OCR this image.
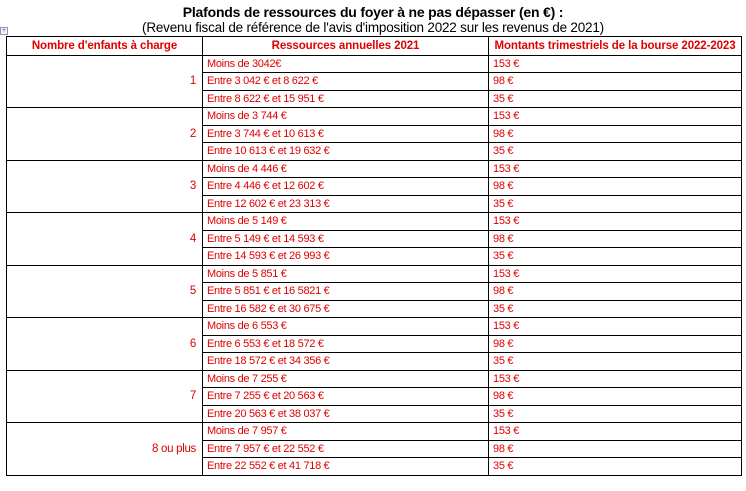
Plafonds de ressources du foyer à ne pas dépasser (en €) :
(Revenu fiscal de référence de l'avis d'imposition 2022 sur les revenus de 2021)
+
Nombre d'enfants à charge	Ressources annuelles 2021	Montants trimestriels de la bourse 2022-2023
1	Moins de 3042€	153 €
	Entre 3 042 € et 8 622 €	98 €
	Entre 8 622 € et 15 951 €	35 €
2	Moins de 3 744 €	153 €
	Entre 3 744 € et 10 613 €	98 €
	Entre 10 613 € et 19 632 €	35 €
3	Moins de 4 446 €	153 €
	Entre 4 446 € et 12 602 €	98 €
	Entre 12 602 € et 23 313 €	35 €
4	Moins de 5 149 €	153 €
	Entre 5 149 € et 14 593 €	98 €
	Entre 14 593 € et 26 993 €	35 €
5	Moins de 5 851 €	153 €
	Entre 5 851 € et 16 5821 €	98 €
	Entre 16 582 € et 30 675 €	35 €
6	Moins de 6 553 €	153 €
	Entre 6 553 € et 18 572 €	98 €
	Entre 18 572 € et 34 356 €	35 €
7	Moins de 7 255 €	153 €
	Entre 7 255 € et 20 563 €	98 €
	Entre 20 563 € et 38 037 €	35 €
8 ou plus	Moins de 7 957 €	153 €
	Entre 7 957 € et 22 552 €	98 €
	Entre 22 552 € et 41 718 €	35 €
